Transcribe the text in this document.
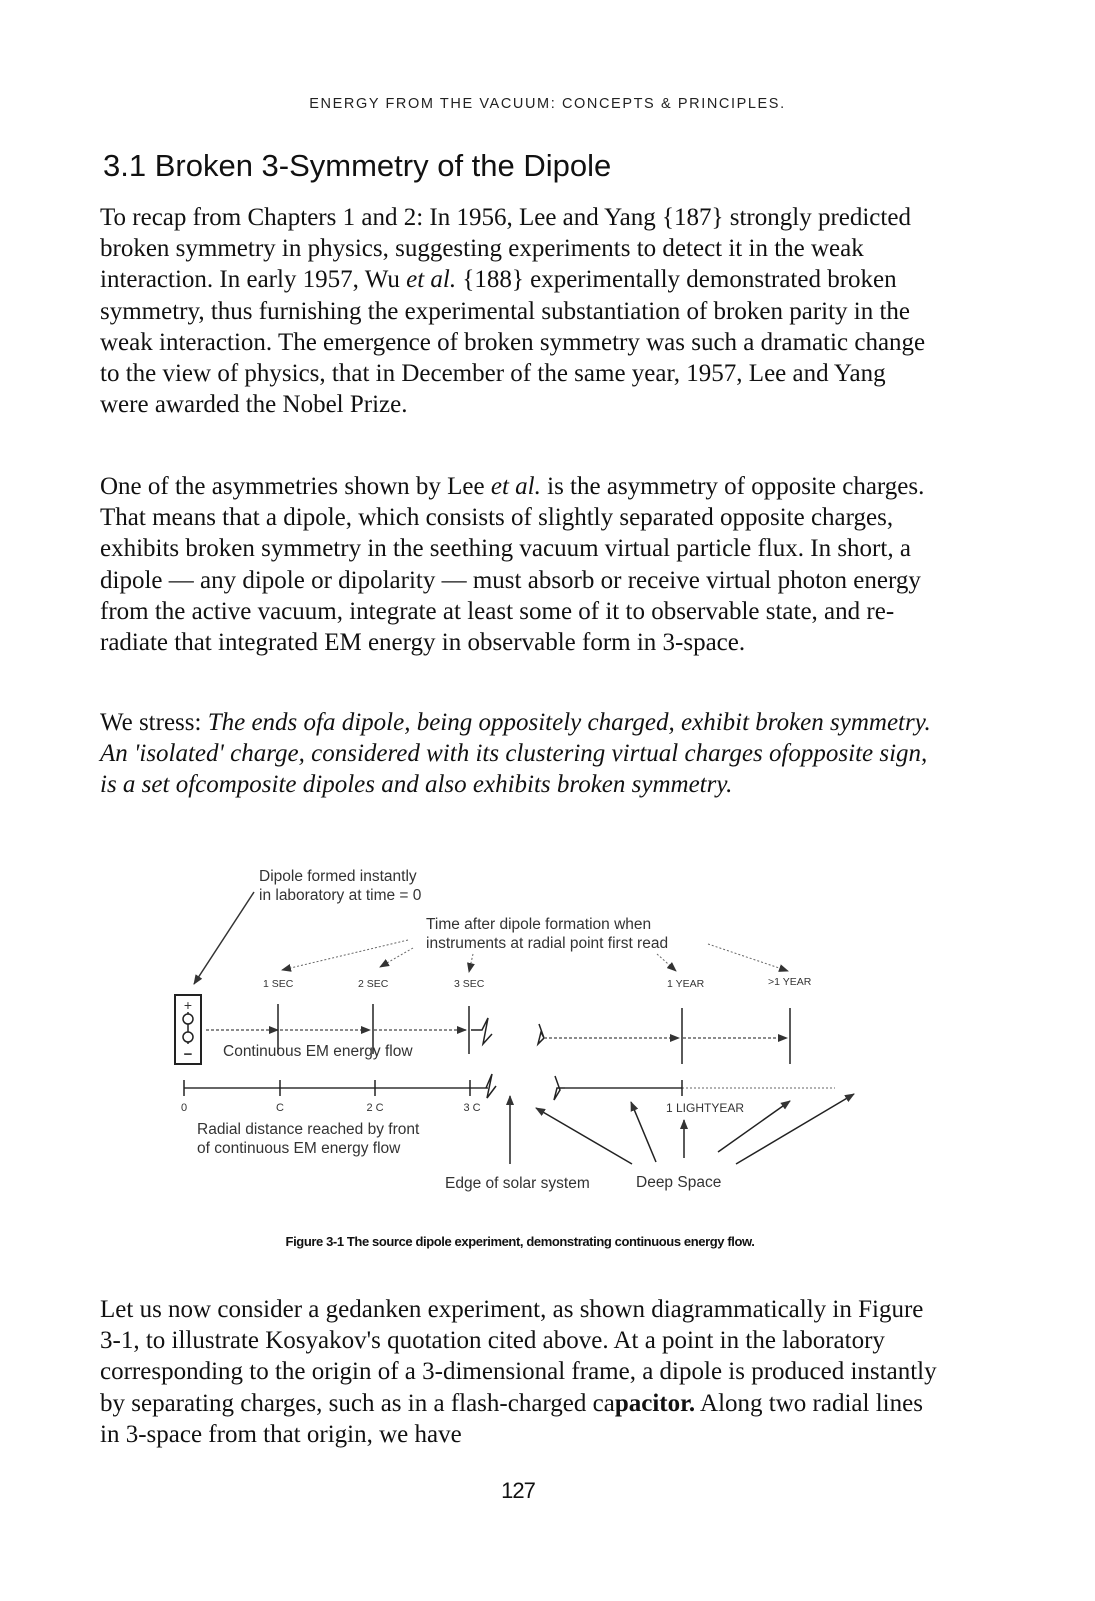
ENERGY FROM THE VACUUM: CONCEPTS & PRINCIPLES.
3.1 Broken 3-Symmetry of the Dipole

To recap from Chapters 1 and 2: In 1956, Lee and Yang {187} strongly predicted broken symmetry in physics, suggesting experiments to detect it in the weak interaction. In early 1957, Wu et al. {188} experimentally demonstrated broken symmetry, thus furnishing the experimental substantiation of broken parity in the weak interaction. The emergence of broken symmetry was such a dramatic change to the view of physics, that in December of the same year, 1957, Lee and Yang were awarded the Nobel Prize.

One of the asymmetries shown by Lee et al. is the asymmetry of opposite charges. That means that a dipole, which consists of slightly separated opposite charges, exhibits broken symmetry in the seething vacuum virtual particle flux. In short, a dipole — any dipole or dipolarity — must absorb or receive virtual photon energy from the active vacuum, integrate at least some of it to observable state, and re-radiate that integrated EM energy in observable form in 3-space.

We stress: The ends ofa dipole, being oppositely charged, exhibit broken symmetry. An 'isolated' charge, considered with its clustering virtual charges ofopposite sign, is a set ofcomposite dipoles and also exhibits broken symmetry.

Dipole formed instantly
in laboratory at time = 0
Time after dipole formation when
instruments at radial point first read
1 SEC	2 SEC	3 SEC	1 YEAR	>1 YEAR
+
− Continuous EM energy flow
0	C	2 C	3 C	1 LIGHTYEAR
Radial distance reached by front
of continuous EM energy flow
Edge of solar system	Deep Space
Figure 3-1 The source dipole experiment, demonstrating continuous energy flow.

Let us now consider a gedanken experiment, as shown diagrammatically in Figure 3-1, to illustrate Kosyakov's quotation cited above. At a point in the laboratory corresponding to the origin of a 3-dimensional frame, a dipole is produced instantly by separating charges, such as in a flash-charged capacitor. Along two radial lines in 3-space from that origin, we have

127
